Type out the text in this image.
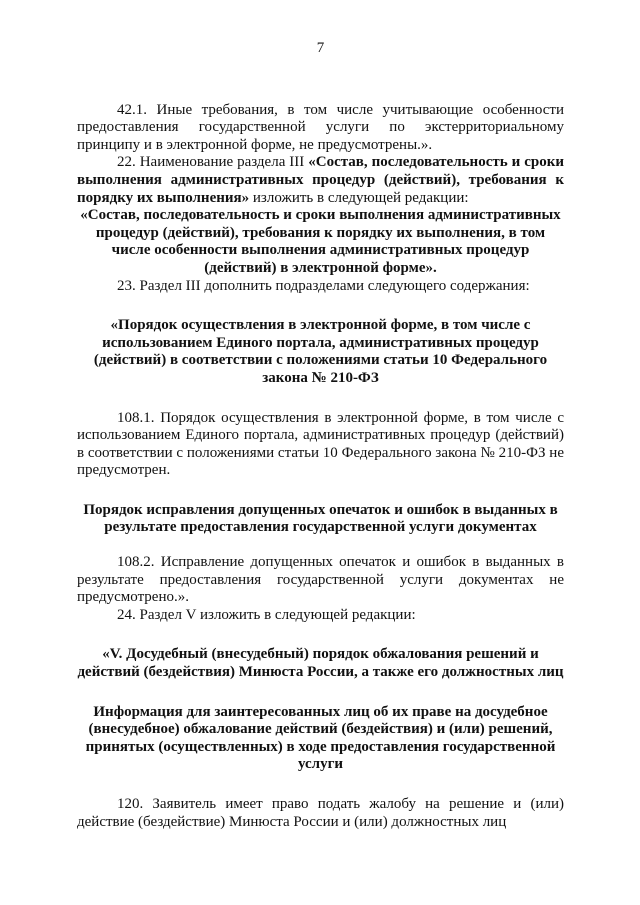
7

42.1. Иные требования, в том числе учитывающие особенности предоставления государственной услуги по экстерриториальному принципу и в электронной форме, не предусмотрены.».

22. Наименование раздела III «Состав, последовательность и сроки выполнения административных процедур (действий), требования к порядку их выполнения» изложить в следующей редакции:

«Состав, последовательность и сроки выполнения административных процедур (действий), требования к порядку их выполнения, в том числе особенности выполнения административных процедур (действий) в электронной форме».

23. Раздел III дополнить подразделами следующего содержания:

«Порядок осуществления в электронной форме, в том числе с использованием Единого портала, административных процедур (действий) в соответствии с положениями статьи 10 Федерального закона № 210-ФЗ

108.1. Порядок осуществления в электронной форме, в том числе с использованием Единого портала, административных процедур (действий) в соответствии с положениями статьи 10 Федерального закона № 210-ФЗ не предусмотрен.

Порядок исправления допущенных опечаток и ошибок в выданных в результате предоставления государственной услуги документах

108.2. Исправление допущенных опечаток и ошибок в выданных в результате предоставления государственной услуги документах не предусмотрено.».

24. Раздел V изложить в следующей редакции:

«V. Досудебный (внесудебный) порядок обжалования решений и действий (бездействия) Минюста России, а также его должностных лиц

Информация для заинтересованных лиц об их праве на досудебное (внесудебное) обжалование действий (бездействия) и (или) решений, принятых (осуществленных) в ходе предоставления государственной услуги

120. Заявитель имеет право подать жалобу на решение и (или) действие (бездействие) Минюста России и (или) должностных лиц
